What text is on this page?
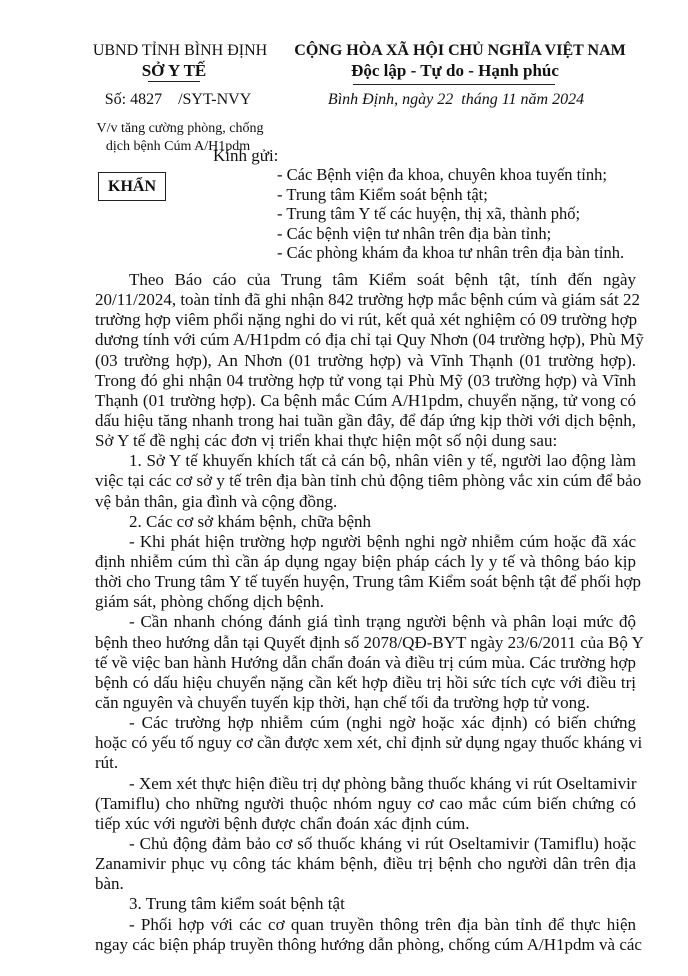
UBND TỈNH BÌNH ĐỊNH
SỞ Y TẾ
Số: 4827    /SYT-NVY
V/v tăng cường phòng, chống
dịch bệnh Cúm A/H1pdm
CỘNG HÒA XÃ HỘI CHỦ NGHĨA VIỆT NAM
Độc lập - Tự do - Hạnh phúc
Bình Định, ngày 22  tháng 11 năm 2024
Kính gửi:
KHẨN
- Các Bệnh viện đa khoa, chuyên khoa tuyến tỉnh;
- Trung tâm Kiểm soát bệnh tật;
- Trung tâm Y tế các huyện, thị xã, thành phố;
- Các bệnh viện tư nhân trên địa bàn tỉnh;
- Các phòng khám đa khoa tư nhân trên địa bàn tỉnh.
Theo Báo cáo của Trung tâm Kiểm soát bệnh tật, tính đến ngày
20/11/2024, toàn tỉnh đã ghi nhận 842 trường hợp mắc bệnh cúm và giám sát 22
trường hợp viêm phổi nặng nghi do vi rút, kết quả xét nghiệm có 09 trường hợp
dương tính với cúm A/H1pdm có địa chỉ tại Quy Nhơn (04 trường hợp), Phù Mỹ
(03 trường hợp), An Nhơn (01 trường hợp) và Vĩnh Thạnh (01 trường hợp).
Trong đó ghi nhận 04 trường hợp tử vong tại Phù Mỹ (03 trường hợp) và Vĩnh
Thạnh (01 trường hợp). Ca bệnh mắc Cúm A/H1pdm, chuyển nặng, tử vong có
dấu hiệu tăng nhanh trong hai tuần gần đây, để đáp ứng kịp thời với dịch bệnh,
Sở Y tế đề nghị các đơn vị triển khai thực hiện một số nội dung sau:
1. Sở Y tế khuyến khích tất cả cán bộ, nhân viên y tế, người lao động làm
việc tại các cơ sở y tế trên địa bàn tỉnh chủ động tiêm phòng vắc xin cúm để bảo
vệ bản thân, gia đình và cộng đồng.
2. Các cơ sở khám bệnh, chữa bệnh
- Khi phát hiện trường hợp người bệnh nghi ngờ nhiễm cúm hoặc đã xác
định nhiễm cúm thì cần áp dụng ngay biện pháp cách ly y tế và thông báo kịp
thời cho Trung tâm Y tế tuyến huyện, Trung tâm Kiểm soát bệnh tật để phối hợp
giám sát, phòng chống dịch bệnh.
- Cần nhanh chóng đánh giá tình trạng người bệnh và phân loại mức độ
bệnh theo hướng dẫn tại Quyết định số 2078/QĐ-BYT ngày 23/6/2011 của Bộ Y
tế về việc ban hành Hướng dẫn chẩn đoán và điều trị cúm mùa. Các trường hợp
bệnh có dấu hiệu chuyển nặng cần kết hợp điều trị hồi sức tích cực với điều trị
căn nguyên và chuyển tuyến kịp thời, hạn chế tối đa trường hợp tử vong.
- Các trường hợp nhiễm cúm (nghi ngờ hoặc xác định) có biến chứng
hoặc có yếu tố nguy cơ cần được xem xét, chỉ định sử dụng ngay thuốc kháng vi
rút.
- Xem xét thực hiện điều trị dự phòng bằng thuốc kháng vi rút Oseltamivir
(Tamiflu) cho những người thuộc nhóm nguy cơ cao mắc cúm biến chứng có
tiếp xúc với người bệnh được chẩn đoán xác định cúm.
- Chủ động đảm bảo cơ số thuốc kháng vi rút Oseltamivir (Tamiflu) hoặc
Zanamivir phục vụ công tác khám bệnh, điều trị bệnh cho người dân trên địa
bàn.
3. Trung tâm kiểm soát bệnh tật
- Phối hợp với các cơ quan truyền thông trên địa bàn tỉnh để thực hiện
ngay các biện pháp truyền thông hướng dẫn phòng, chống cúm A/H1pdm và các
